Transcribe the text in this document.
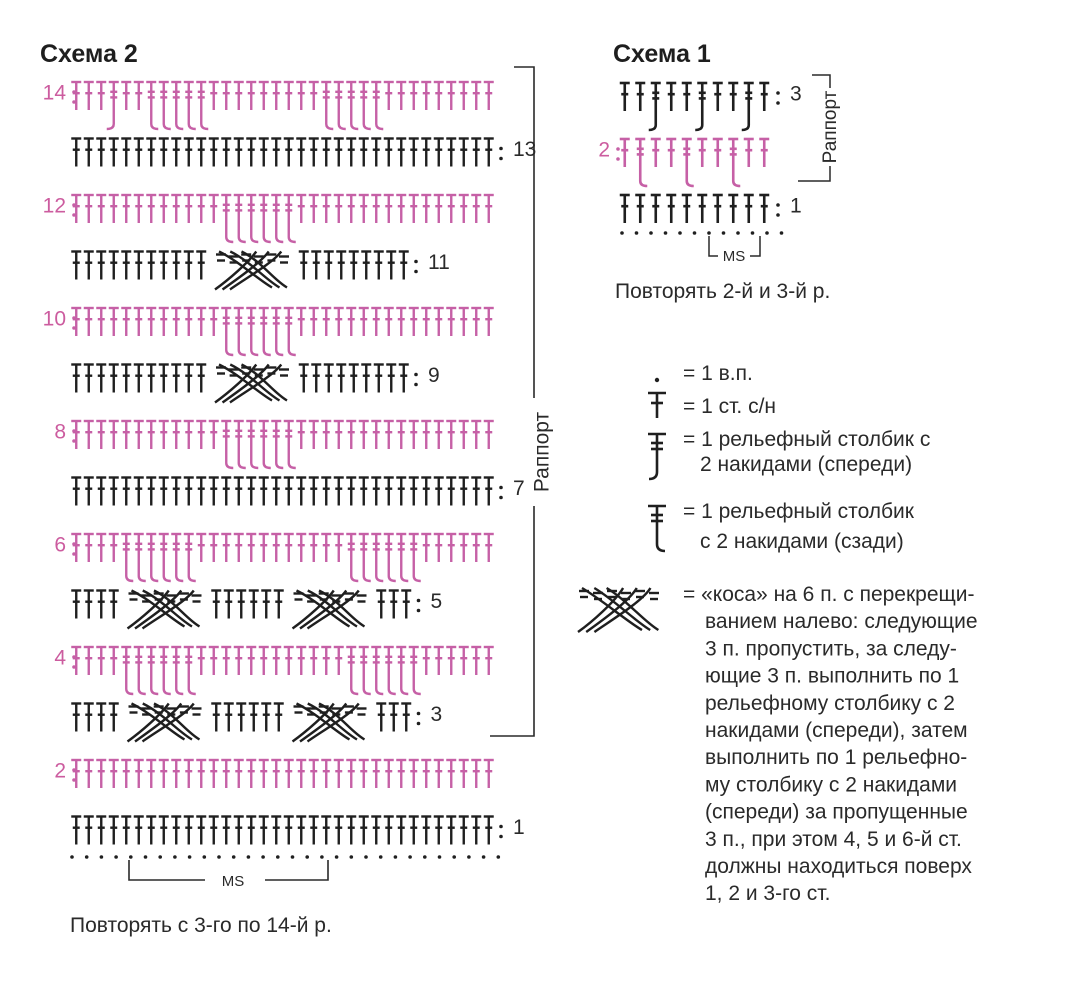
Схема 2
14
13
12
11
10
9
8
7
6
5
4
3
2
1
Раппорт
MS
Повторять с 3-го по 14-й р.
Схема 1
3
2
1
Раппорт
MS
Повторять 2-й и 3-й р.
= 1 в.п.
= 1 ст. с/н
= 1 рельефный столбик с
2 накидами (спереди)
= 1 рельефный столбик
с 2 накидами (сзади)
= «коса» на 6 п. с перекрещи-
ванием налево: следующие
3 п. пропустить, за следу-
ющие 3 п. выполнить по 1
рельефному столбику с 2
накидами (спереди), затем
выполнить по 1 рельефно-
му столбику с 2 накидами
(спереди) за пропущенные
3 п., при этом 4, 5 и 6-й ст.
должны находиться поверх
1, 2 и 3-го ст.
